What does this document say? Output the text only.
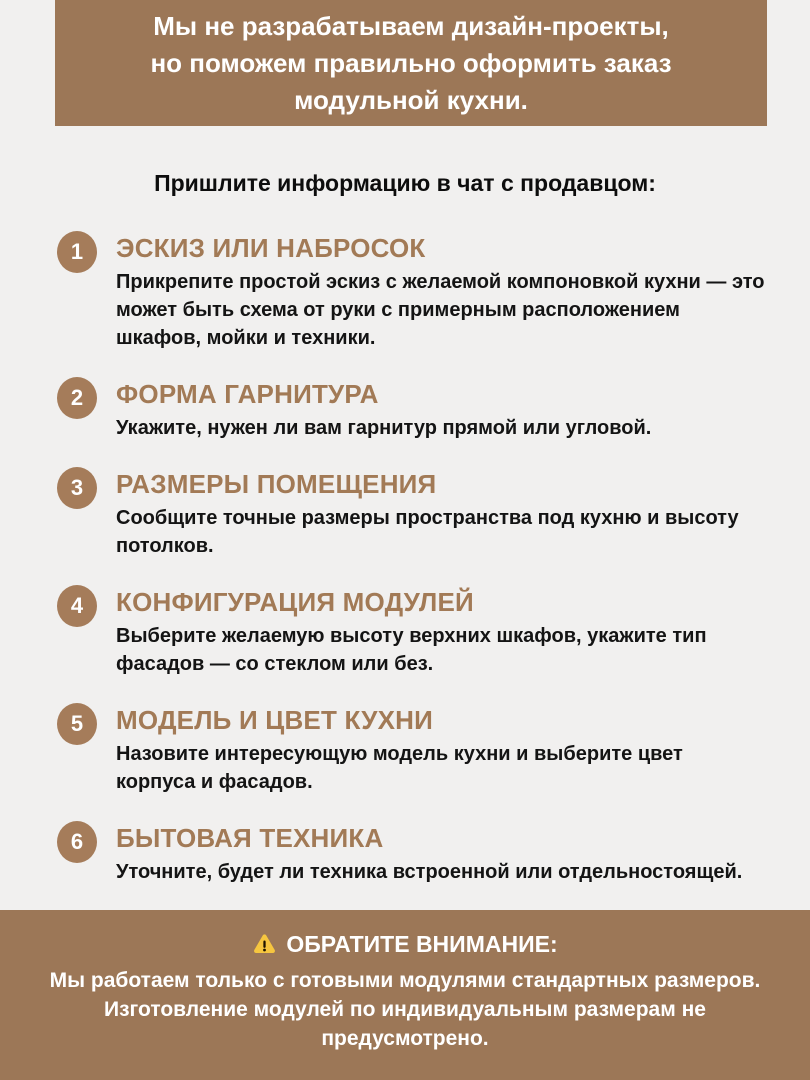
Мы не разрабатываем дизайн-проекты,
но поможем правильно оформить заказ
модульной кухни.
Пришлите информацию в чат с продавцом:
1	ЭСКИЗ ИЛИ НАБРОСОК
Прикрепите простой эскиз с желаемой компоновкой кухни — это может быть схема от руки с примерным расположением шкафов, мойки и техники.
2	ФОРМА ГАРНИТУРА
Укажите, нужен ли вам гарнитур прямой или угловой.
3	РАЗМЕРЫ ПОМЕЩЕНИЯ
Сообщите точные размеры пространства под кухню и высоту потолков.
4	КОНФИГУРАЦИЯ МОДУЛЕЙ
Выберите желаемую высоту верхних шкафов, укажите тип фасадов — со стеклом или без.
5	МОДЕЛЬ И ЦВЕТ КУХНИ
Назовите интересующую модель кухни и выберите цвет корпуса и фасадов.
6	БЫТОВАЯ ТЕХНИКА
Уточните, будет ли техника встроенной или отдельностоящей.
ОБРАТИТЕ ВНИМАНИЕ:
Мы работаем только с готовыми модулями стандартных размеров.
Изготовление модулей по индивидуальным размерам не
предусмотрено.
